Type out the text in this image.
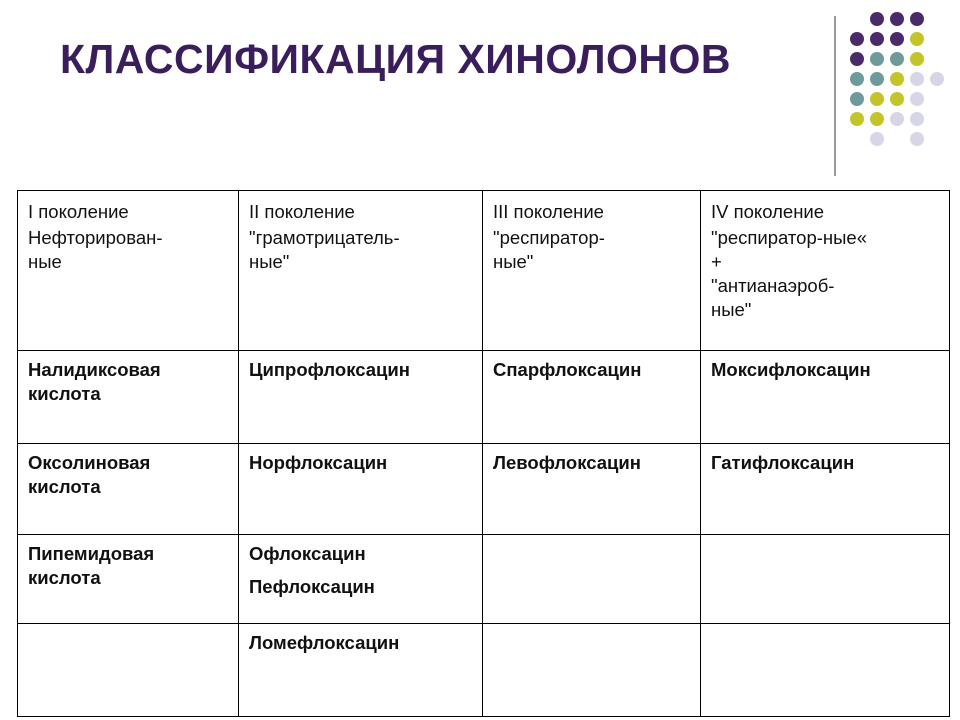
КЛАССИФИКАЦИЯ ХИНОЛОНОВ
I поколение
Нефторирован-
ные	II поколение
"грамотрицатель-
ные"	III поколение
"респиратор-
ные"	IV поколение
"респиратор-ные«
+
"антианаэроб-
ные"

Налидиксовая
кислота	Ципрофлоксацин	Спарфлоксацин	Моксифлоксацин

Оксолиновая
кислота	Норфлоксацин	Левофлоксацин	Гатифлоксацин

Пипемидовая
кислота	Офлоксацин
Пефлоксацин		

	Ломефлоксацин		
